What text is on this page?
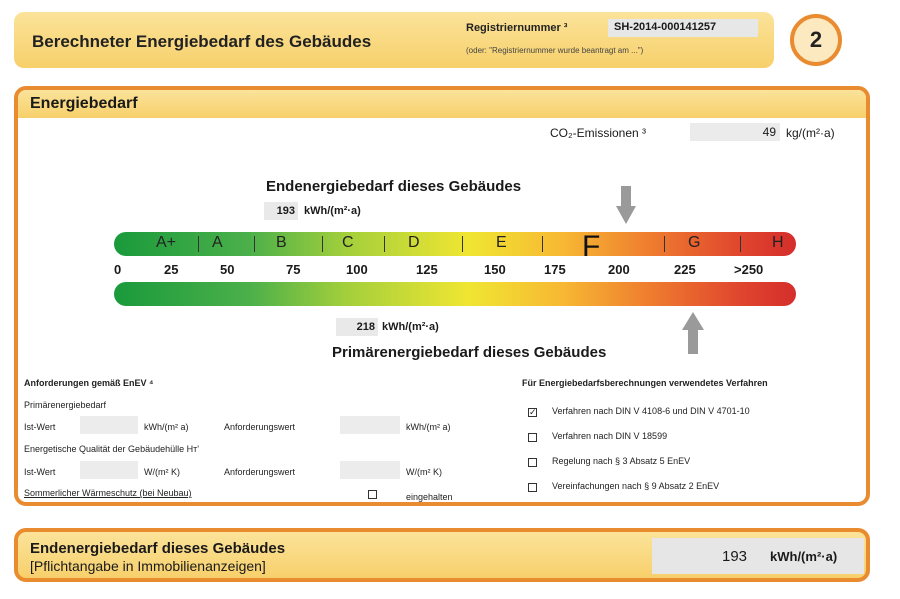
Berechneter Energiebedarf des Gebäudes
Registriernummer ³	SH-2014-000141257
(oder: "Registriernummer wurde beantragt am ...")	2
Energiebedarf
CO₂-Emissionen ³	49 kg/(m²·a)
Endenergiebedarf dieses Gebäudes
193 kWh/(m²·a)
A+ A	B	C	D	E	F	G	H
0	25	50	75	100	125	150	175	200	225	>250
218 kWh/(m²·a)
Primärenergiebedarf dieses Gebäudes
Anforderungen gemäß EnEV ⁴
Primärenergiebedarf
Ist-Wert	kWh/(m² a)	Anforderungswert	kWh/(m² a)
Energetische Qualität der Gebäudehülle Hᴛ'
Ist-Wert	W/(m² K)	Anforderungswert	W/(m² K)
Sommerlicher Wärmeschutz (bei Neubau)	eingehalten
Für Energiebedarfsberechnungen verwendetes Verfahren
✓ Verfahren nach DIN V 4108-6 und DIN V 4701-10
Verfahren nach DIN V 18599
Regelung nach § 3 Absatz 5 EnEV
Vereinfachungen nach § 9 Absatz 2 EnEV
Endenergiebedarf dieses Gebäudes
[Pflichtangabe in Immobilienanzeigen]
193 kWh/(m²·a)
